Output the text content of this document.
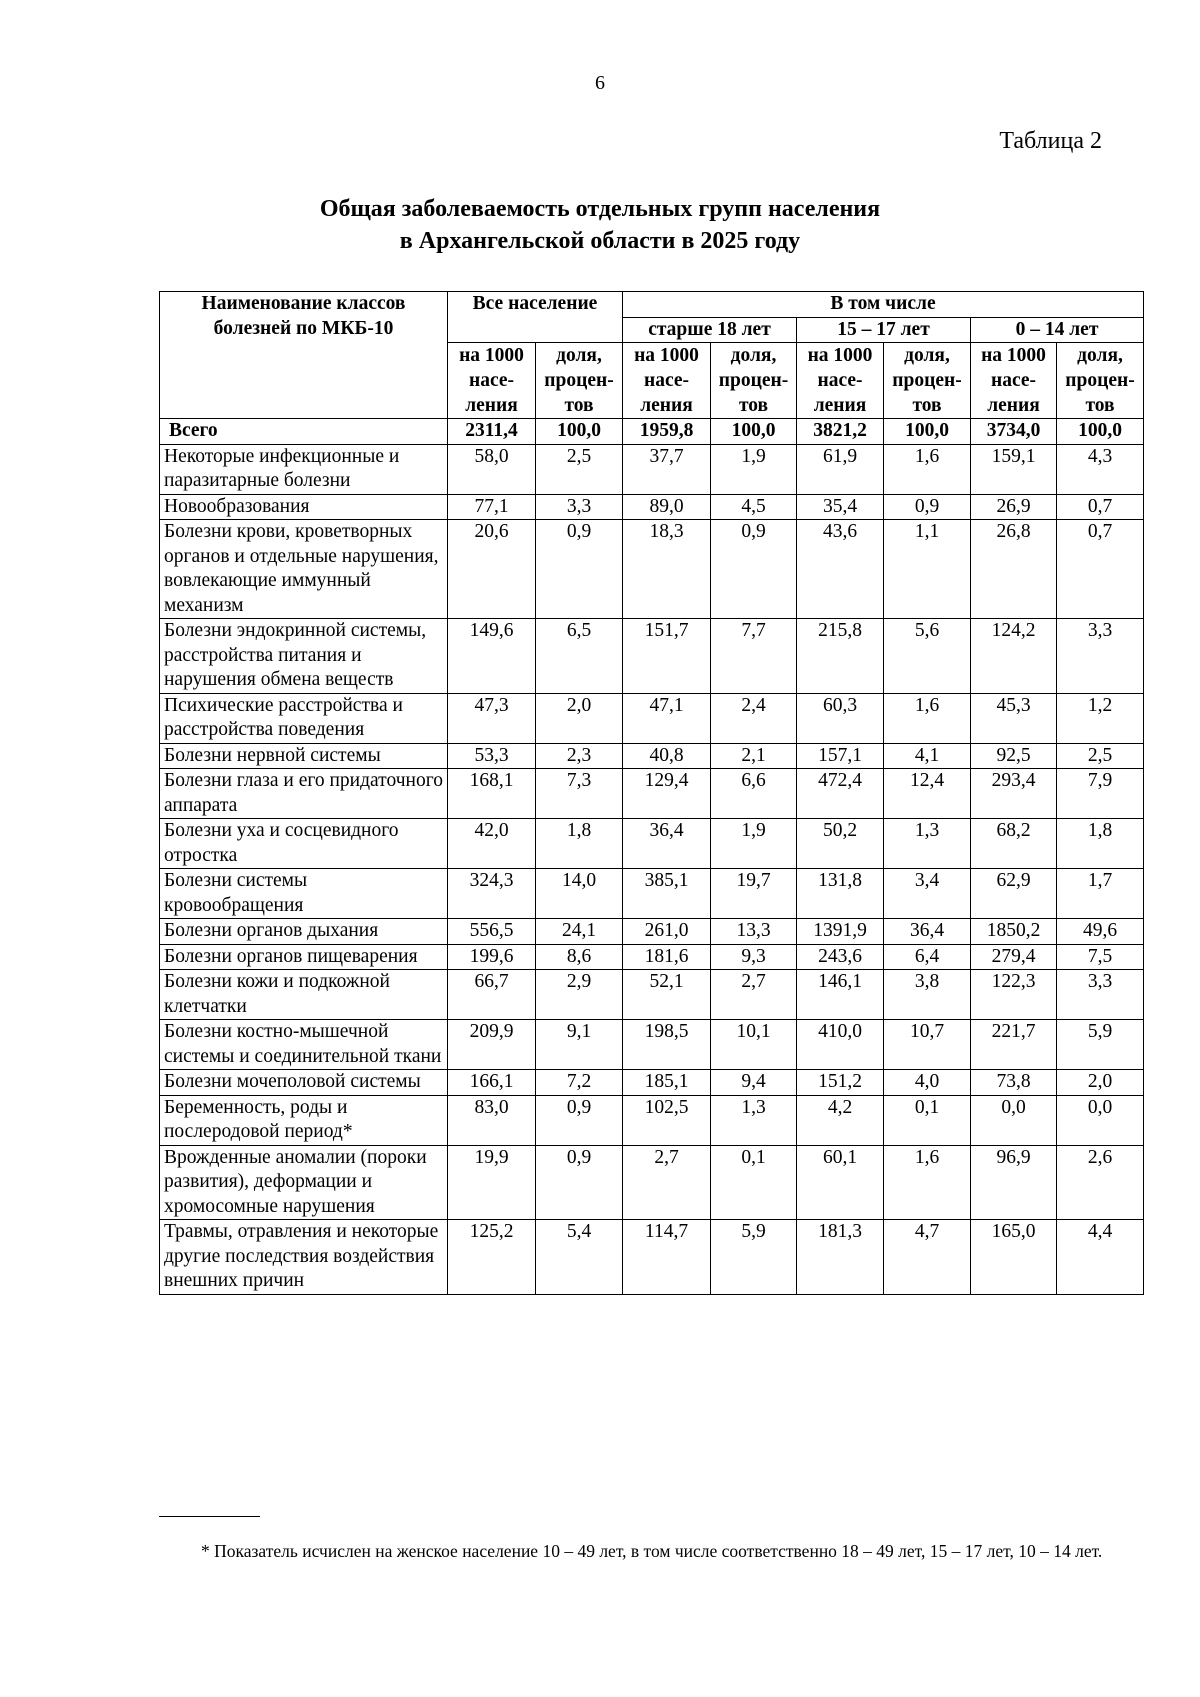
6
Таблица 2
Общая заболеваемость отдельных групп населения
в Архангельской области в 2025 году
Наименование классов болезней по МКБ-10	Все население		В том числе					
			старше 18 лет		15 – 17 лет		0 – 14 лет	
	на 1000 насе-ления	доля, процен-тов	на 1000 насе-ления	доля, процен-тов	на 1000 насе-ления	доля, процен-тов	на 1000 насе-ления	доля, процен-тов
Всего	2311,4	100,0	1959,8	100,0	3821,2	100,0	3734,0	100,0
Некоторые инфекционные и паразитарные болезни	58,0	2,5	37,7	1,9	61,9	1,6	159,1	4,3
Новообразования	77,1	3,3	89,0	4,5	35,4	0,9	26,9	0,7
Болезни крови, кроветворных органов и отдельные нарушения, вовлекающие иммунный механизм	20,6	0,9	18,3	0,9	43,6	1,1	26,8	0,7
Болезни эндокринной системы, расстройства питания и нарушения обмена веществ	149,6	6,5	151,7	7,7	215,8	5,6	124,2	3,3
Психические расстройства и расстройства поведения	47,3	2,0	47,1	2,4	60,3	1,6	45,3	1,2
Болезни нервной системы	53,3	2,3	40,8	2,1	157,1	4,1	92,5	2,5
Болезни глаза и его придаточного аппарата	168,1	7,3	129,4	6,6	472,4	12,4	293,4	7,9
Болезни уха и сосцевидного отростка	42,0	1,8	36,4	1,9	50,2	1,3	68,2	1,8
Болезни системы кровообращения	324,3	14,0	385,1	19,7	131,8	3,4	62,9	1,7
Болезни органов дыхания	556,5	24,1	261,0	13,3	1391,9	36,4	1850,2	49,6
Болезни органов пищеварения	199,6	8,6	181,6	9,3	243,6	6,4	279,4	7,5
Болезни кожи и подкожной клетчатки	66,7	2,9	52,1	2,7	146,1	3,8	122,3	3,3
Болезни костно-мышечной системы и соединительной ткани	209,9	9,1	198,5	10,1	410,0	10,7	221,7	5,9
Болезни мочеполовой системы	166,1	7,2	185,1	9,4	151,2	4,0	73,8	2,0
Беременность, роды и послеродовой период*	83,0	0,9	102,5	1,3	4,2	0,1	0,0	0,0
Врожденные аномалии (пороки развития), деформации и хромосомные нарушения	19,9	0,9	2,7	0,1	60,1	1,6	96,9	2,6
Травмы, отравления и некоторые другие последствия воздействия внешних причин	125,2	5,4	114,7	5,9	181,3	4,7	165,0	4,4
* Показатель исчислен на женское население 10 – 49 лет, в том числе соответственно 18 – 49 лет, 15 – 17 лет, 10 – 14 лет.
